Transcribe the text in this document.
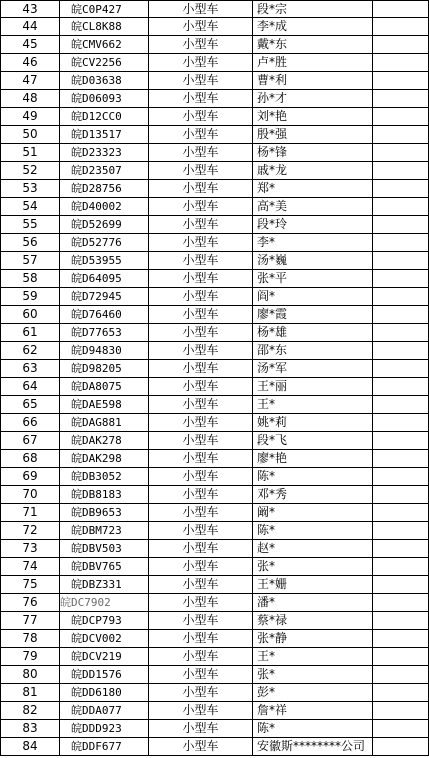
43	皖C0P427	小型车	段*宗
44	皖CL8K88	小型车	李*成
45	皖CMV662	小型车	戴*东
46	皖CV2256	小型车	卢*胜
47	皖D03638	小型车	曹*利
48	皖D06093	小型车	孙*才
49	皖D12CC0	小型车	刘*艳
50	皖D13517	小型车	殷*强
51	皖D23323	小型车	杨*锋
52	皖D23507	小型车	戚*龙
53	皖D28756	小型车	郑*
54	皖D40002	小型车	高*美
55	皖D52699	小型车	段*玲
56	皖D52776	小型车	李*
57	皖D53955	小型车	汤*巍
58	皖D64095	小型车	张*平
59	皖D72945	小型车	阎*
60	皖D76460	小型车	廖*霞
61	皖D77653	小型车	杨*雄
62	皖D94830	小型车	邵*东
63	皖D98205	小型车	汤*军
64	皖DA8075	小型车	王*丽
65	皖DAE598	小型车	王*
66	皖DAG881	小型车	姚*莉
67	皖DAK278	小型车	段*飞
68	皖DAK298	小型车	廖*艳
69	皖DB3052	小型车	陈*
70	皖DB8183	小型车	邓*秀
71	皖DB9653	小型车	阚*
72	皖DBM723	小型车	陈*
73	皖DBV503	小型车	赵*
74	皖DBV765	小型车	张*
75	皖DBZ331	小型车	王*姗
76	皖DC7902	小型车	潘*
77	皖DCP793	小型车	蔡*禄
78	皖DCV002	小型车	张*静
79	皖DCV219	小型车	王*
80	皖DD1576	小型车	张*
81	皖DD6180	小型车	彭*
82	皖DDA077	小型车	詹*祥
83	皖DDD923	小型车	陈*
84	皖DDF677	小型车	安徽斯********公司
